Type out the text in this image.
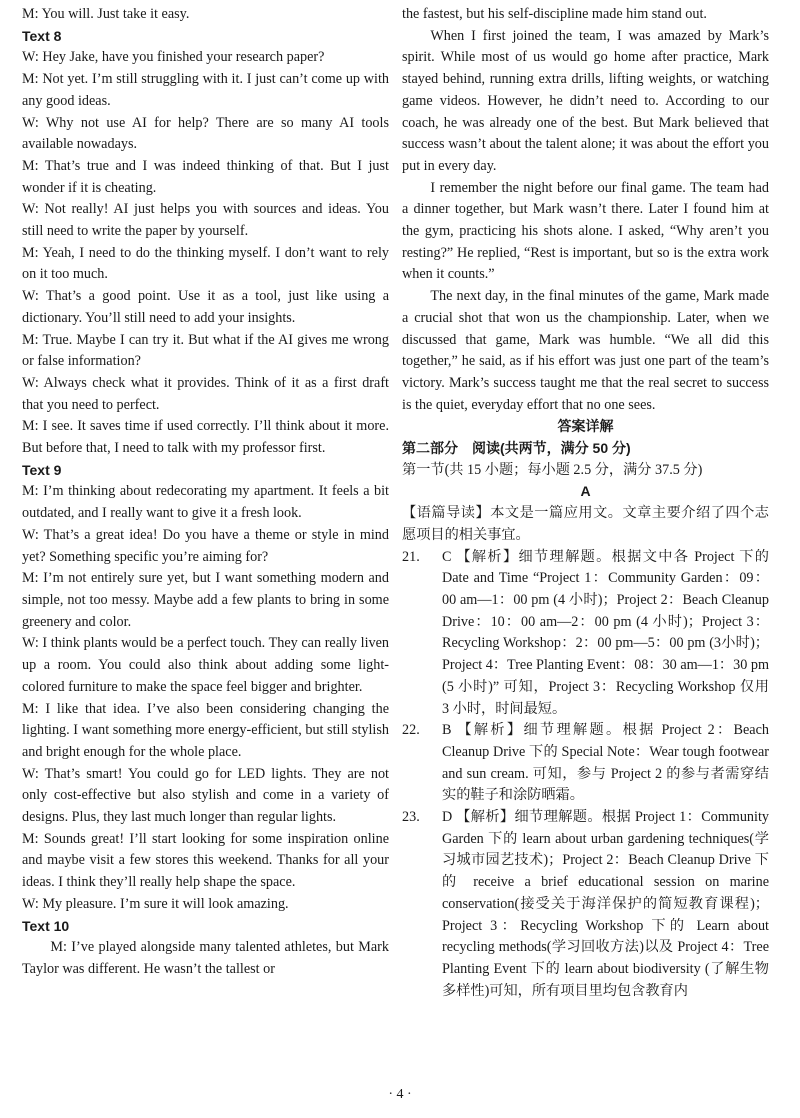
M: You will. Just take it easy.

Text 8

W: Hey Jake, have you finished your research paper?

M: Not yet. I’m still struggling with it. I just can’t come up with any good ideas.

W: Why not use AI for help? There are so many AI tools available nowadays.

M: That’s true and I was indeed thinking of that. But I just wonder if it is cheating.

W: Not really! AI just helps you with sources and ideas. You still need to write the paper by yourself.

M: Yeah, I need to do the thinking myself. I don’t want to rely on it too much.

W: That’s a good point. Use it as a tool, just like using a dictionary. You’ll still need to add your insights.

M: True. Maybe I can try it. But what if the AI gives me wrong or false information?

W: Always check what it provides. Think of it as a first draft that you need to perfect.

M: I see. It saves time if used correctly. I’ll think about it more. But before that, I need to talk with my professor first.

Text 9

M: I’m thinking about redecorating my apartment. It feels a bit outdated, and I really want to give it a fresh look.

W: That’s a great idea! Do you have a theme or style in mind yet? Something specific you’re aiming for?

M: I’m not entirely sure yet, but I want something modern and simple, not too messy. Maybe add a few plants to bring in some greenery and color.

W: I think plants would be a perfect touch. They can really liven up a room. You could also think about adding some light-colored furniture to make the space feel bigger and brighter.

M: I like that idea. I’ve also been considering changing the lighting. I want something more energy-efficient, but still stylish and bright enough for the whole place.

W: That’s smart! You could go for LED lights. They are not only cost-effective but also stylish and come in a variety of designs. Plus, they last much longer than regular lights.

M: Sounds great! I’ll start looking for some inspiration online and maybe visit a few stores this weekend. Thanks for all your ideas. I think they’ll really help shape the space.

W: My pleasure. I’m sure it will look amazing.

Text 10

M: I’ve played alongside many talented athletes, but Mark Taylor was different. He wasn’t the tallest or

the fastest, but his self-discipline made him stand out.

When I first joined the team, I was amazed by Mark’s spirit. While most of us would go home after practice, Mark stayed behind, running extra drills, lifting weights, or watching game videos. However, he didn’t need to. According to our coach, he was already one of the best. But Mark believed that success wasn’t about the talent alone; it was about the effort you put in every day.

I remember the night before our final game. The team had a dinner together, but Mark wasn’t there. Later I found him at the gym, practicing his shots alone. I asked, “Why aren’t you resting?” He replied, “Rest is important, but so is the extra work when it counts.”

The next day, in the final minutes of the game, Mark made a crucial shot that won us the championship. Later, when we discussed that game, Mark was humble. “We all did this together,” he said, as if his effort was just one part of the team’s victory. Mark’s success taught me that the real secret to success is the quiet, everyday effort that no one sees.

答案详解

第二部分　阅读(共两节，满分 50 分)

第一节(共 15 小题；每小题 2.5 分，满分 37.5 分)

A

【语篇导读】本文是一篇应用文。文章主要介绍了四个志愿项目的相关事宜。

21.	C 【解析】细节理解题。根据文中各 Project 下的 Date and Time “Project 1：Community Garden：09：00 am—1：00 pm (4 小时)；Project 2：Beach Cleanup Drive：10：00 am—2：00 pm (4 小时)；Project 3：Recycling Workshop：2：00 pm—5：00 pm (3小时)；Project 4：Tree Planting Event：08：30 am—1：30 pm (5 小时)” 可知，Project 3：Recycling Workshop 仅用 3 小时，时间最短。
22.	B 【解析】细节理解题。根据 Project 2：Beach Cleanup Drive 下的 Special Note：Wear tough footwear and sun cream. 可知，参与 Project 2 的参与者需穿结实的鞋子和涂防晒霜。
23.	D 【解析】细节理解题。根据 Project 1：Community Garden 下的 learn about urban gardening techniques(学习城市园艺技术)；Project 2：Beach Cleanup Drive 下的 receive a brief educational session on marine conservation(接受关于海洋保护的简短教育课程)；Project 3：Recycling Workshop 下的 Learn about recycling methods(学习回收方法)以及 Project 4：Tree Planting Event 下的 learn about biodiversity (了解生物多样性)可知，所有项目里均包含教育内
· 4 ·
